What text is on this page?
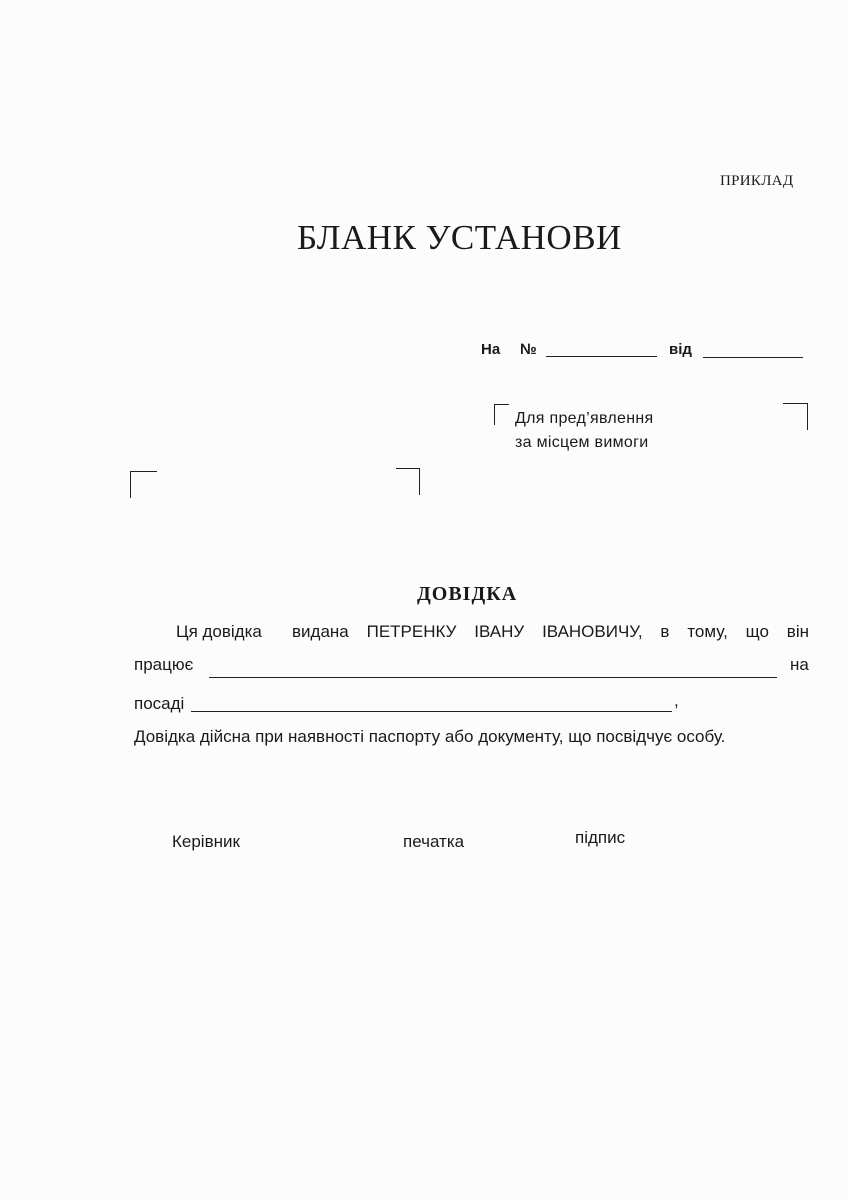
ПРИКЛАД
БЛАНК УСТАНОВИ
На №	від
Для пред’явлення
за місцем вимоги
ДОВІДКА
Ця довідка видана ПЕТРЕНКУ ІВАНУ ІВАНОВИЧУ, в тому, що він
працює	на
посаді	,
Довідка дійсна при наявності паспорту або документу, що посвідчує особу.
Керівник	печатка	підпис
